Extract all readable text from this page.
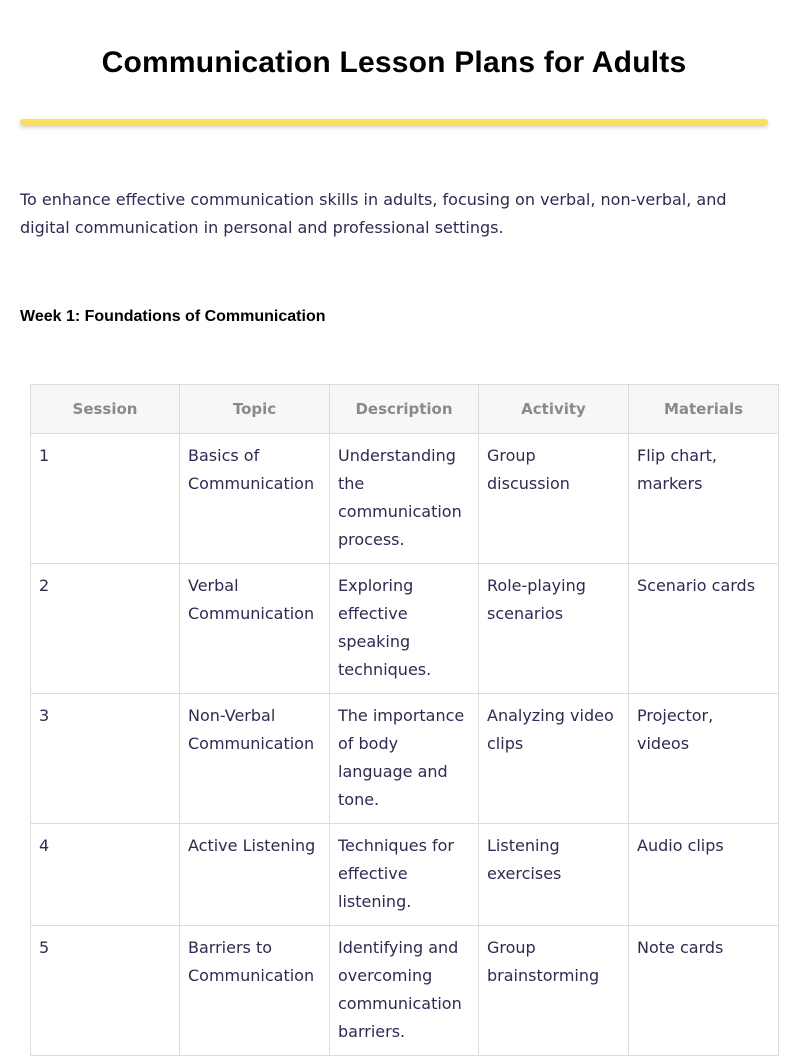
Communication Lesson Plans for Adults

To enhance effective communication skills in adults, focusing on verbal, non-verbal, and digital communication in personal and professional settings.

Week 1: Foundations of Communication
Session	Topic	Description	Activity	Materials
1	Basics of Communication	Understanding the communication process.	Group discussion	Flip chart, markers
2	Verbal Communication	Exploring effective speaking techniques.	Role-playing scenarios	Scenario cards
3	Non-Verbal Communication	The importance of body language and tone.	Analyzing video clips	Projector, videos
4	Active Listening	Techniques for effective listening.	Listening exercises	Audio clips
5	Barriers to Communication	Identifying and overcoming communication barriers.	Group brainstorming	Note cards
